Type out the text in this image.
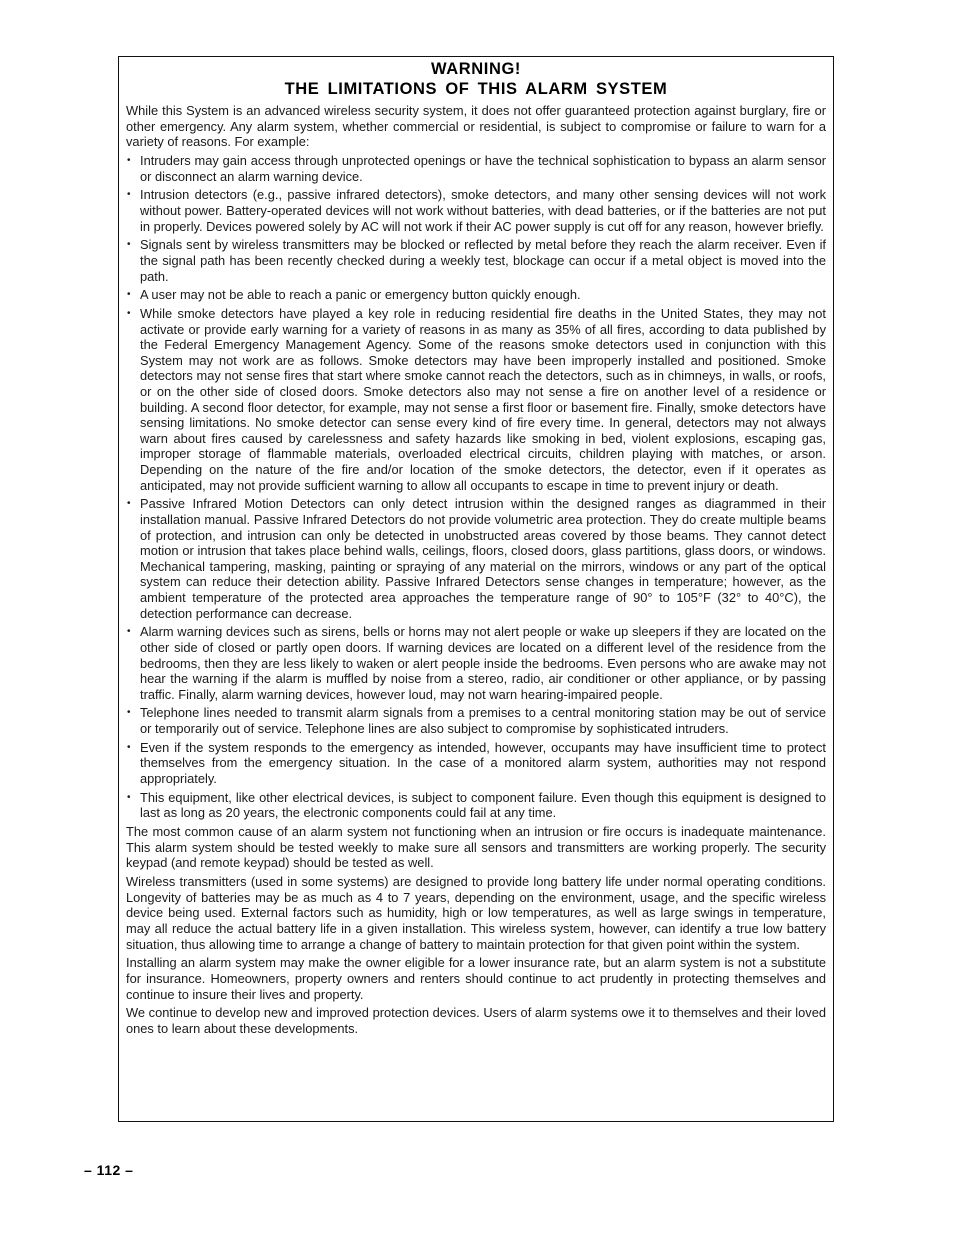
WARNING!
THE LIMITATIONS OF THIS ALARM SYSTEM

While this System is an advanced wireless security system, it does not offer guaranteed protection against burglary, fire or other emergency. Any alarm system, whether commercial or residential, is subject to compromise or failure to warn for a variety of reasons. For example:

• Intruders may gain access through unprotected openings or have the technical sophistication to bypass an alarm sensor or disconnect an alarm warning device.
• Intrusion detectors (e.g., passive infrared detectors), smoke detectors, and many other sensing devices will not work without power. Battery-operated devices will not work without batteries, with dead batteries, or if the batteries are not put in properly. Devices powered solely by AC will not work if their AC power supply is cut off for any reason, however briefly.
• Signals sent by wireless transmitters may be blocked or reflected by metal before they reach the alarm receiver. Even if the signal path has been recently checked during a weekly test, blockage can occur if a metal object is moved into the path.
• A user may not be able to reach a panic or emergency button quickly enough.
• While smoke detectors have played a key role in reducing residential fire deaths in the United States, they may not activate or provide early warning for a variety of reasons in as many as 35% of all fires, according to data published by the Federal Emergency Management Agency. Some of the reasons smoke detectors used in conjunction with this System may not work are as follows. Smoke detectors may have been improperly installed and positioned. Smoke detectors may not sense fires that start where smoke cannot reach the detectors, such as in chimneys, in walls, or roofs, or on the other side of closed doors. Smoke detectors also may not sense a fire on another level of a residence or building. A second floor detector, for example, may not sense a first floor or basement fire. Finally, smoke detectors have sensing limitations. No smoke detector can sense every kind of fire every time. In general, detectors may not always warn about fires caused by carelessness and safety hazards like smoking in bed, violent explosions, escaping gas, improper storage of flammable materials, overloaded electrical circuits, children playing with matches, or arson. Depending on the nature of the fire and/or location of the smoke detectors, the detector, even if it operates as anticipated, may not provide sufficient warning to allow all occupants to escape in time to prevent injury or death.
• Passive Infrared Motion Detectors can only detect intrusion within the designed ranges as diagrammed in their installation manual. Passive Infrared Detectors do not provide volumetric area protection. They do create multiple beams of protection, and intrusion can only be detected in unobstructed areas covered by those beams. They cannot detect motion or intrusion that takes place behind walls, ceilings, floors, closed doors, glass partitions, glass doors, or windows. Mechanical tampering, masking, painting or spraying of any material on the mirrors, windows or any part of the optical system can reduce their detection ability. Passive Infrared Detectors sense changes in temperature; however, as the ambient temperature of the protected area approaches the temperature range of 90° to 105°F (32° to 40°C), the detection performance can decrease.
• Alarm warning devices such as sirens, bells or horns may not alert people or wake up sleepers if they are located on the other side of closed or partly open doors. If warning devices are located on a different level of the residence from the bedrooms, then they are less likely to waken or alert people inside the bedrooms. Even persons who are awake may not hear the warning if the alarm is muffled by noise from a stereo, radio, air conditioner or other appliance, or by passing traffic. Finally, alarm warning devices, however loud, may not warn hearing-impaired people.
• Telephone lines needed to transmit alarm signals from a premises to a central monitoring station may be out of service or temporarily out of service. Telephone lines are also subject to compromise by sophisticated intruders.
• Even if the system responds to the emergency as intended, however, occupants may have insufficient time to protect themselves from the emergency situation. In the case of a monitored alarm system, authorities may not respond appropriately.
• This equipment, like other electrical devices, is subject to component failure. Even though this equipment is designed to last as long as 20 years, the electronic components could fail at any time.

The most common cause of an alarm system not functioning when an intrusion or fire occurs is inadequate maintenance. This alarm system should be tested weekly to make sure all sensors and transmitters are working properly. The security keypad (and remote keypad) should be tested as well.

Wireless transmitters (used in some systems) are designed to provide long battery life under normal operating conditions. Longevity of batteries may be as much as 4 to 7 years, depending on the environment, usage, and the specific wireless device being used. External factors such as humidity, high or low temperatures, as well as large swings in temperature, may all reduce the actual battery life in a given installation. This wireless system, however, can identify a true low battery situation, thus allowing time to arrange a change of battery to maintain protection for that given point within the system.

Installing an alarm system may make the owner eligible for a lower insurance rate, but an alarm system is not a substitute for insurance. Homeowners, property owners and renters should continue to act prudently in protecting themselves and continue to insure their lives and property.

We continue to develop new and improved protection devices. Users of alarm systems owe it to themselves and their loved ones to learn about these developments.

– 112 –
